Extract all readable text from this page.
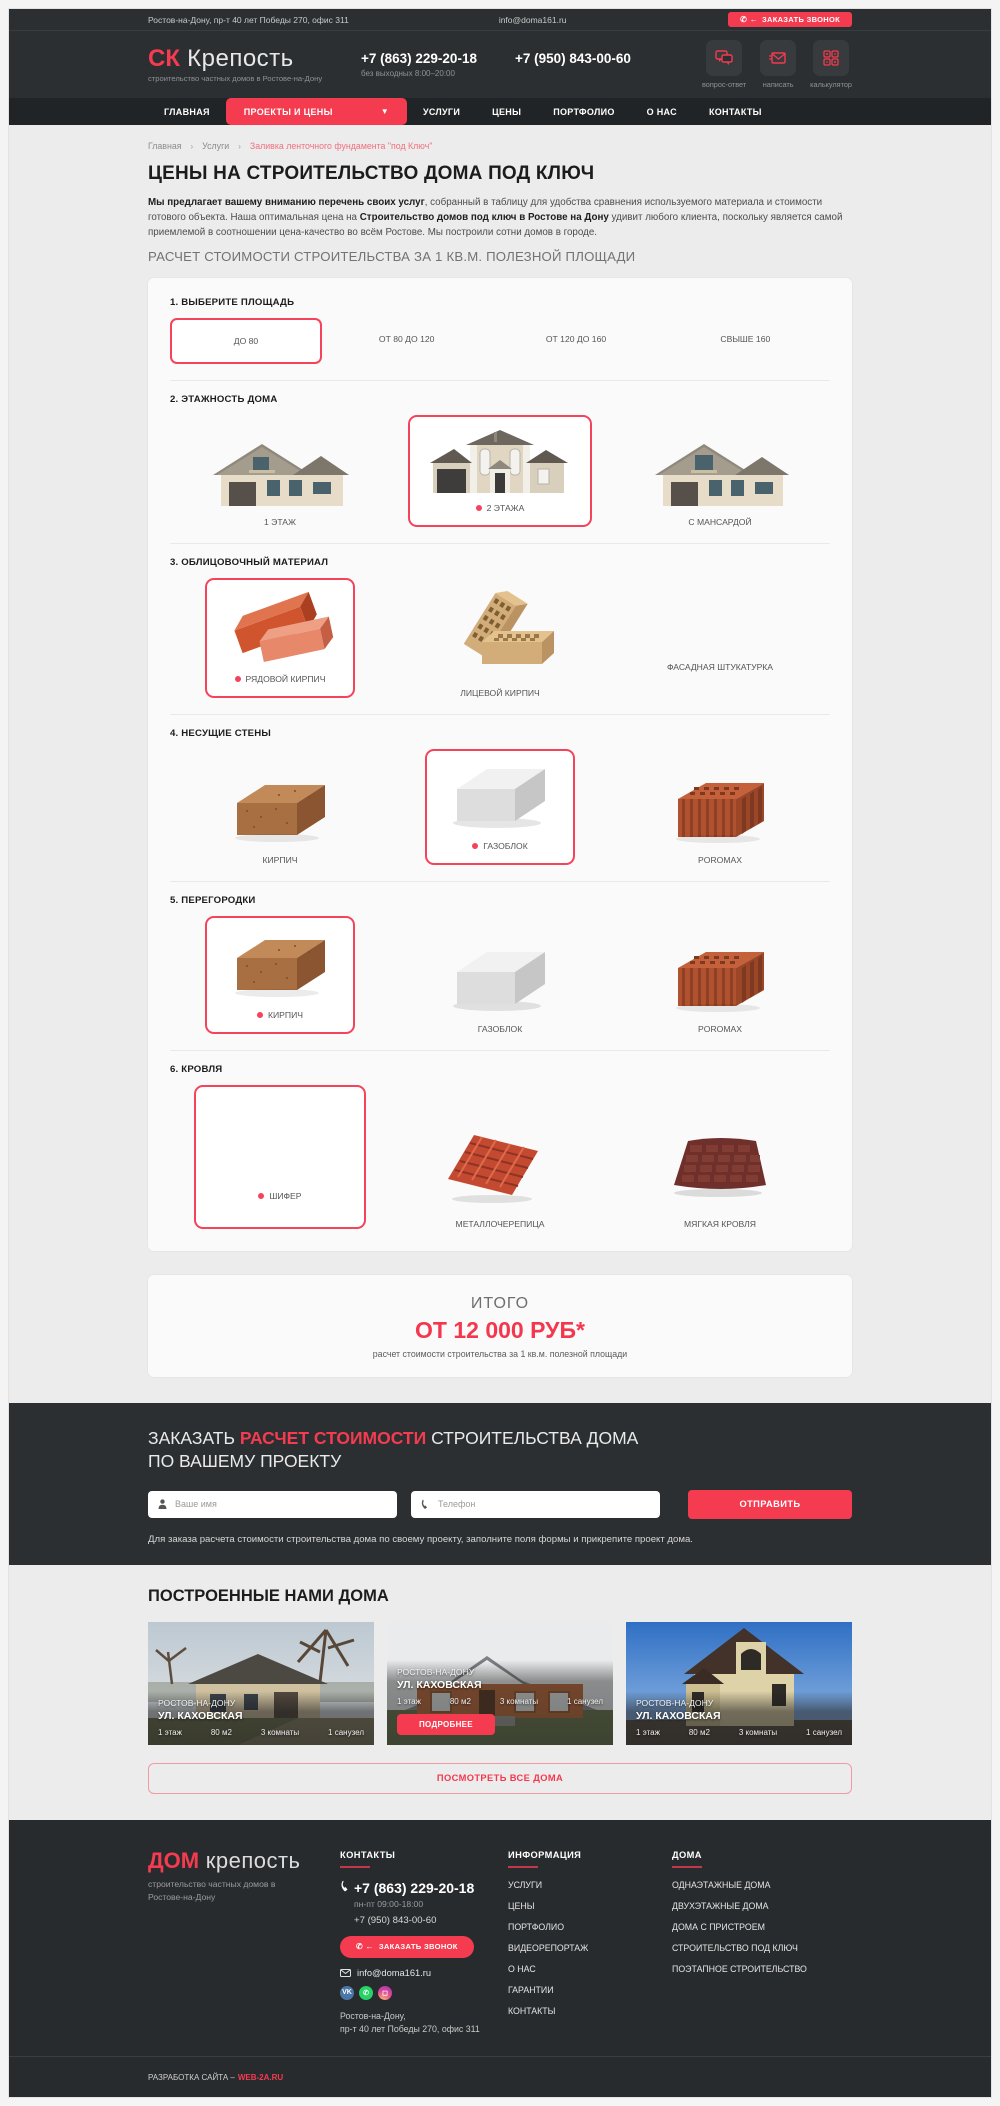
Ростов-на-Дону, пр-т 40 лет Победы 270, офис 311	info@doma161.ru	✆ ← ЗАКАЗАТЬ ЗВОНОК
СК Крепость
строительство частных домов в Ростове-на-Дону
+7 (863) 229-20-18
без выходных 8:00–20:00
+7 (950) 843-00-60
вопрос-ответ написать калькулятор
ГЛАВНАЯ	ПРОЕКТЫ И ЦЕНЫ	▼	УСЛУГИ	ЦЕНЫ	ПОРТФОЛИО	О НАС	КОНТАКТЫ
Главная › Услуги › Заливка ленточного фундамента "под Ключ"
ЦЕНЫ НА СТРОИТЕЛЬСТВО ДОМА ПОД КЛЮЧ

Мы предлагает вашему вниманию перечень своих услуг, собранный в таблицу для удобства сравнения используемого материала и стоимости готового объекта. Наша оптимальная цена на Строительство домов под ключ в Ростове на Дону удивит любого клиента, поскольку является самой приемлемой в соотношении цена-качество во всём Ростове. Мы построили сотни домов в городе.

РАСЧЕТ СТОИМОСТИ СТРОИТЕЛЬСТВА ЗА 1 КВ.М. ПОЛЕЗНОЙ ПЛОЩАДИ
1. ВЫБЕРИТЕ ПЛОЩАДЬ
ДО 80	ОТ 80 ДО 120	ОТ 120 ДО 160	СВЫШЕ 160
2. ЭТАЖНОСТЬ ДОМА
1 ЭТАЖ
2 ЭТАЖА
С МАНСАРДОЙ
3. ОБЛИЦОВОЧНЫЙ МАТЕРИАЛ
РЯДОВОЙ КИРПИЧ
ЛИЦЕВОЙ КИРПИЧ
ФАСАДНАЯ ШТУКАТУРКА
4. НЕСУЩИЕ СТЕНЫ
КИРПИЧ
ГАЗОБЛОК
POROMAX
5. ПЕРЕГОРОДКИ
КИРПИЧ
ГАЗОБЛОК	POROMAX
6. КРОВЛЯ
ШИФЕР
МЕТАЛЛОЧЕРЕПИЦА	МЯГКАЯ КРОВЛЯ
ИТОГО
ОТ 12 000 РУБ*
расчет стоимости строительства за 1 кв.м. полезной площади
ЗАКАЗАТЬ РАСЧЕТ СТОИМОСТИ СТРОИТЕЛЬСТВА ДОМА
ПО ВАШЕМУ ПРОЕКТУ
Ваше имя
Телефон
ОТПРАВИТЬ
Для заказа расчета стоимости строительства дома по своему проекту, заполните поля формы и прикрепите проект дома.
ПОСТРОЕННЫЕ НАМИ ДОМА
РОСТОВ-НА-ДОНУ
УЛ. КАХОВСКАЯ
1 этаж	80 м2	3 комнаты	1 санузел
РОСТОВ-НА-ДОНУ
УЛ. КАХОВСКАЯ
1 этаж	80 м2	3 комнаты	1 санузел
ПОДРОБНЕЕ
РОСТОВ-НА-ДОНУ
УЛ. КАХОВСКАЯ
1 этаж	80 м2	3 комнаты	1 санузел
ПОСМОТРЕТЬ ВСЕ ДОМА
ДОМ крепость
строительство частных домов в Ростове-на-Дону
КОНТАКТЫ
+7 (863) 229-20-18
пн-пт 09:00-18:00
+7 (950) 843-00-60
✆ ← ЗАКАЗАТЬ ЗВОНОК
info@doma161.ru
VK	✆	◻
Ростов-на-Дону,
пр-т 40 лет Победы 270, офис 311
ИНФОРМАЦИЯ
УСЛУГИ
ЦЕНЫ
ПОРТФОЛИО
ВИДЕОРЕПОРТАЖ
О НАС
ГАРАНТИИ
КОНТАКТЫ
ДОМА
ОДНАЭТАЖНЫЕ ДОМА
ДВУХЭТАЖНЫЕ ДОМА
ДОМА С ПРИСТРОЕМ
СТРОИТЕЛЬСТВО ПОД КЛЮЧ
ПОЭТАПНОЕ СТРОИТЕЛЬСТВО
РАЗРАБОТКА САЙТА – WEB-2A.RU
